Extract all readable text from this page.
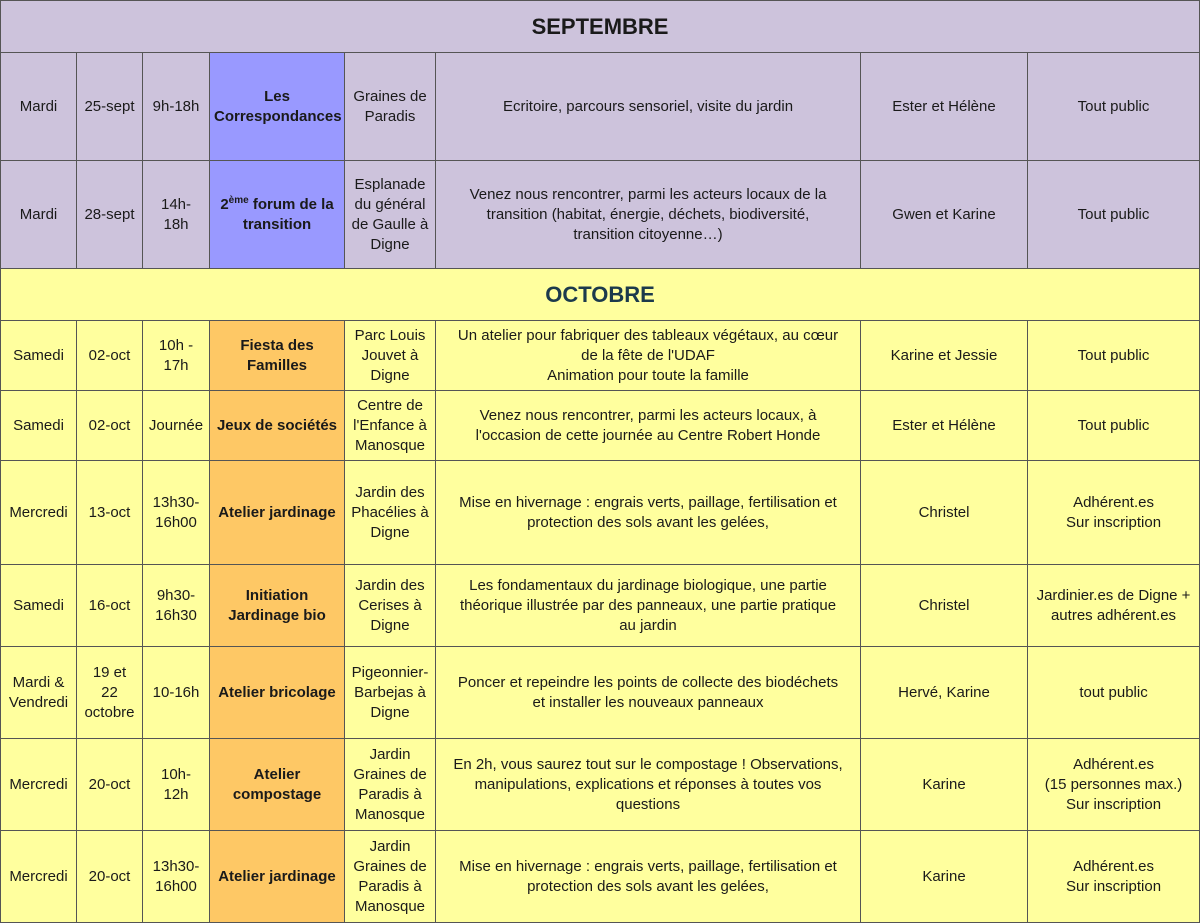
SEPTEMBRE							
Mardi	25-sept	9h-18h	Les
Correspondances	Graines de
Paradis	Ecritoire, parcours sensoriel, visite du jardin	Ester et Hélène	Tout public
Mardi	28-sept	14h-
18h	2ème forum de la
transition	Esplanade
du général
de Gaulle à
Digne	Venez nous rencontrer, parmi les acteurs locaux de la
transition (habitat, énergie, déchets, biodiversité,
transition citoyenne…)	Gwen et Karine	Tout public
OCTOBRE							
Samedi	02-oct	10h -
17h	Fiesta des
Familles	Parc Louis
Jouvet à
Digne	Un atelier pour fabriquer des tableaux végétaux, au cœur
de la fête de l'UDAF
Animation pour toute la famille	Karine et Jessie	Tout public
Samedi	02-oct	Journée	Jeux de sociétés	Centre de
l'Enfance à
Manosque	Venez nous rencontrer, parmi les acteurs locaux, à
l'occasion de cette journée au Centre Robert Honde	Ester et Hélène	Tout public
Mercredi	13-oct	13h30-
16h00	Atelier jardinage	Jardin des
Phacélies à
Digne	Mise en hivernage : engrais verts, paillage, fertilisation et
protection des sols avant les gelées,	Christel	Adhérent.es
Sur inscription
Samedi	16-oct	9h30-
16h30	Initiation
Jardinage bio	Jardin des
Cerises à
Digne	Les fondamentaux du jardinage biologique, une partie
théorique illustrée par des panneaux, une partie pratique
au jardin	Christel	Jardinier.es de Digne +
autres adhérent.es
Mardi &
Vendredi	19 et
22
octobre	10-16h	Atelier bricolage	Pigeonnier-
Barbejas à
Digne	Poncer et repeindre les points de collecte des biodéchets
et installer les nouveaux panneaux	Hervé, Karine	tout public
Mercredi	20-oct	10h-
12h	Atelier
compostage	Jardin
Graines de
Paradis à
Manosque	En 2h, vous saurez tout sur le compostage ! Observations,
manipulations, explications et réponses à toutes vos
questions	Karine	Adhérent.es
(15 personnes max.)
Sur inscription
Mercredi	20-oct	13h30-
16h00	Atelier jardinage	Jardin
Graines de
Paradis à
Manosque	Mise en hivernage : engrais verts, paillage, fertilisation et
protection des sols avant les gelées,	Karine	Adhérent.es
Sur inscription
